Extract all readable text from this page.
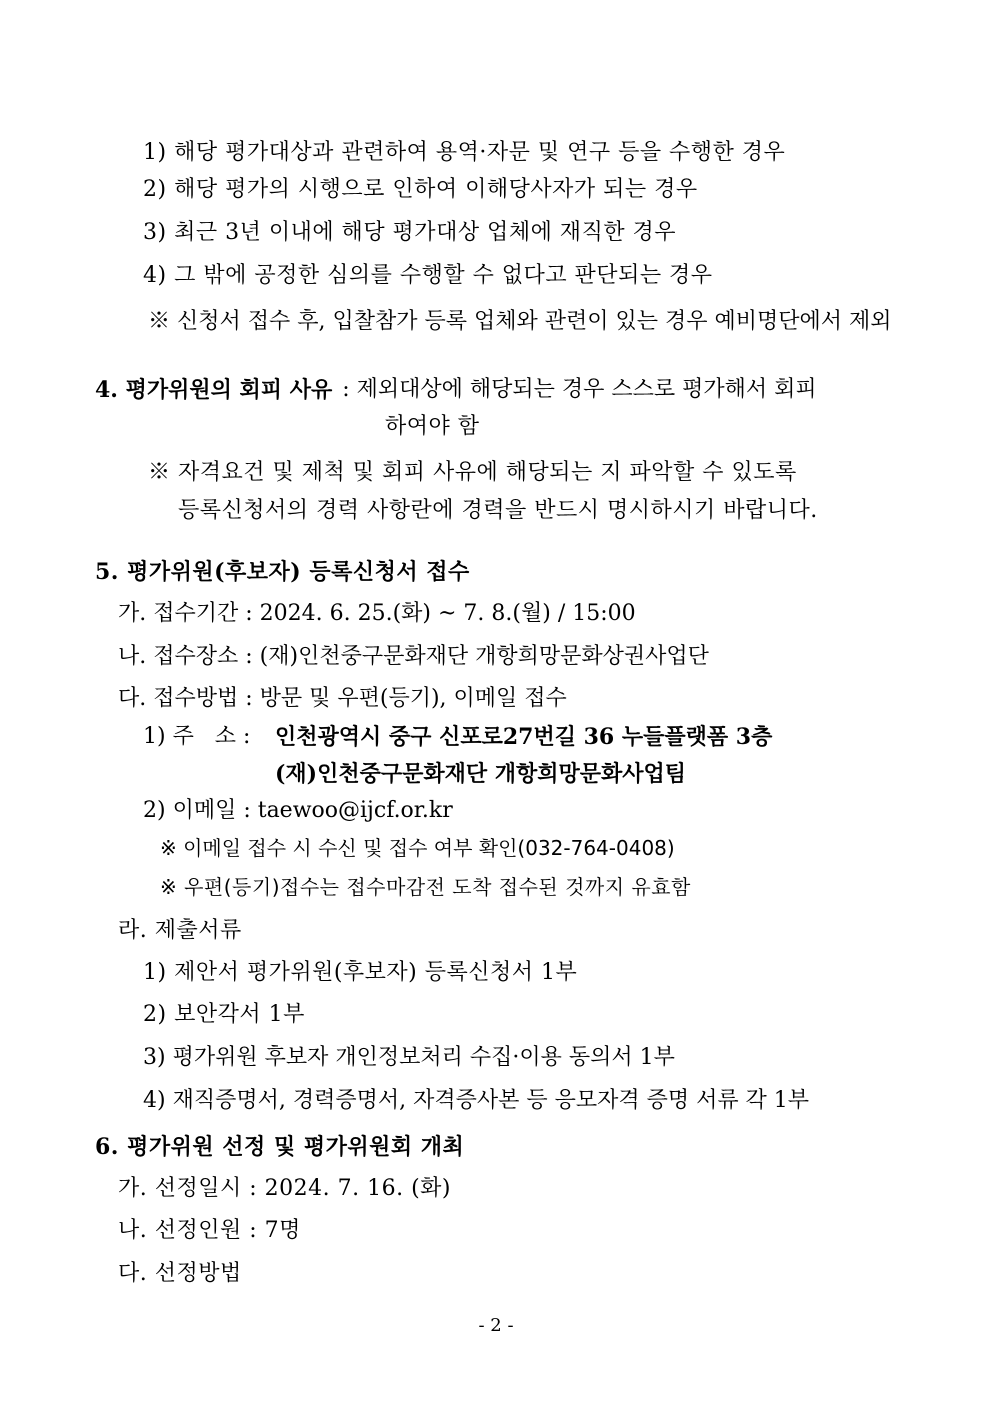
1) 해당 평가대상과 관련하여 용역·자문 및 연구 등을 수행한 경우
2) 해당 평가의 시행으로 인하여 이해당사자가 되는 경우
3) 최근 3년 이내에 해당 평가대상 업체에 재직한 경우
4) 그 밖에 공정한 심의를 수행할 수 없다고 판단되는 경우
※ 신청서 접수 후, 입찰참가 등록 업체와 관련이 있는 경우 예비명단에서 제외
4. 평가위원의 회피 사유 : 제외대상에 해당되는 경우 스스로 평가해서 회피
하여야 함
※ 자격요건 및 제척 및 회피 사유에 해당되는 지 파악할 수 있도록
등록신청서의 경력 사항란에 경력을 반드시 명시하시기 바랍니다.
5. 평가위원(후보자) 등록신청서 접수
가. 접수기간 : 2024. 6. 25.(화) ~ 7. 8.(월) / 15:00
나. 접수장소 : (재)인천중구문화재단 개항희망문화상권사업단
다. 접수방법 : 방문 및 우편(등기), 이메일 접수
1) 주   소 : 인천광역시 중구 신포로27번길 36 누들플랫폼 3층
(재)인천중구문화재단 개항희망문화사업팀
2) 이메일 : taewoo@ijcf.or.kr
※ 이메일 접수 시 수신 및 접수 여부 확인(032-764-0408)
※ 우편(등기)접수는 접수마감전 도착 접수된 것까지 유효함
라. 제출서류
1) 제안서 평가위원(후보자) 등록신청서 1부
2) 보안각서 1부
3) 평가위원 후보자 개인정보처리 수집·이용 동의서 1부
4) 재직증명서, 경력증명서, 자격증사본 등 응모자격 증명 서류 각 1부
6. 평가위원 선정 및 평가위원회 개최
가. 선정일시 : 2024. 7. 16. (화)
나. 선정인원 : 7명
다. 선정방법
- 2 -
